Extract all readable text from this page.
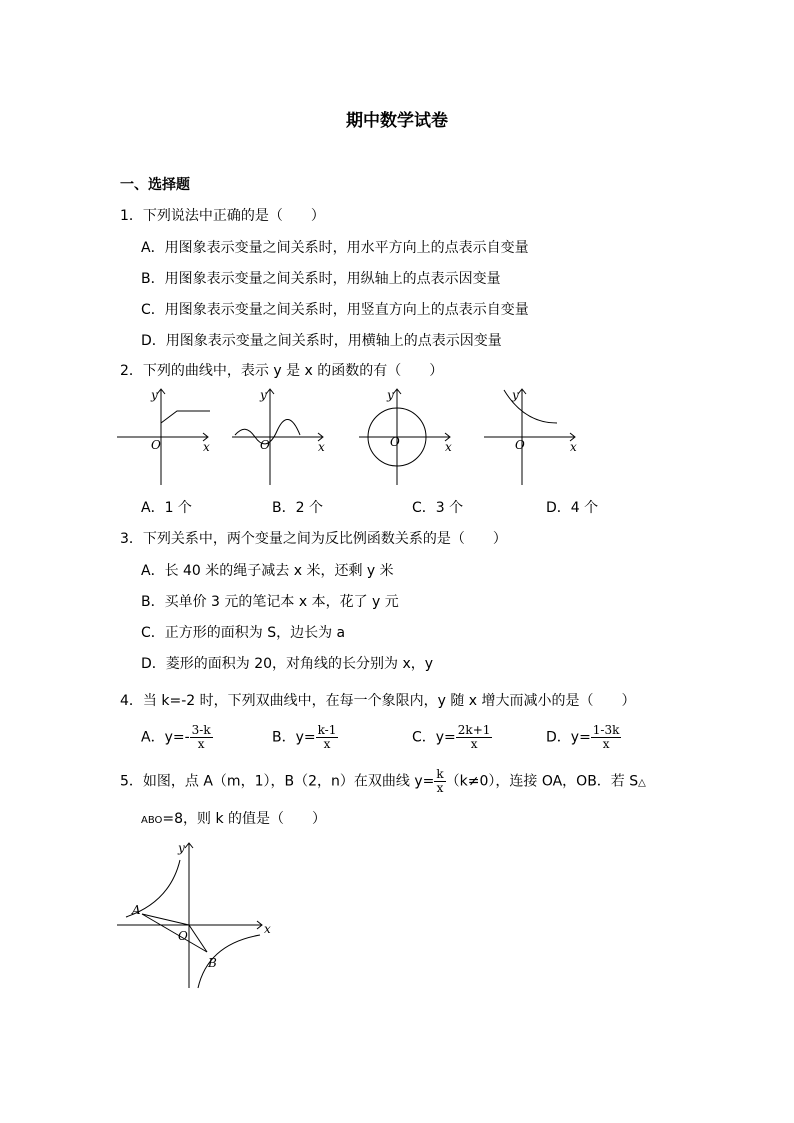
期中数学试卷
一、选择题
1．下列说法中正确的是（　　）
A．用图象表示变量之间关系时，用水平方向上的点表示自变量
B．用图象表示变量之间关系时，用纵轴上的点表示因变量
C．用图象表示变量之间关系时，用竖直方向上的点表示自变量
D．用图象表示变量之间关系时，用横轴上的点表示因变量
2．下列的曲线中，表示 y 是 x 的函数的有（　　）
O	x
y
O	x
y
O	x
y
O	x
y
A．1 个	B．2 个	C．3 个	D．4 个
3．下列关系中，两个变量之间为反比例函数关系的是（　　）
A．长 40 米的绳子减去 x 米，还剩 y 米
B．买单价 3 元的笔记本 x 本，花了 y 元
C．正方形的面积为 S，边长为 a
D．菱形的面积为 20，对角线的长分别为 x，y
4．当 k=-2 时，下列双曲线中，在每一个象限内，y 随 x 增大而减小的是（　　）
A．$y=- \frac{3-k}{x}$	B．$y= \frac{k-1}{x}$	C．$y= \frac{2k+1}{x}$	D．$y= \frac{1-3k}{x}$
5．如图，点 A（m，1），B（2，n）在双曲线 $y= \frac{k}{x} (k\ne 0)$，连接 OA，OB．若 S△
ABO=8，则 k 的值是（　　）
A
B
O	x
y
